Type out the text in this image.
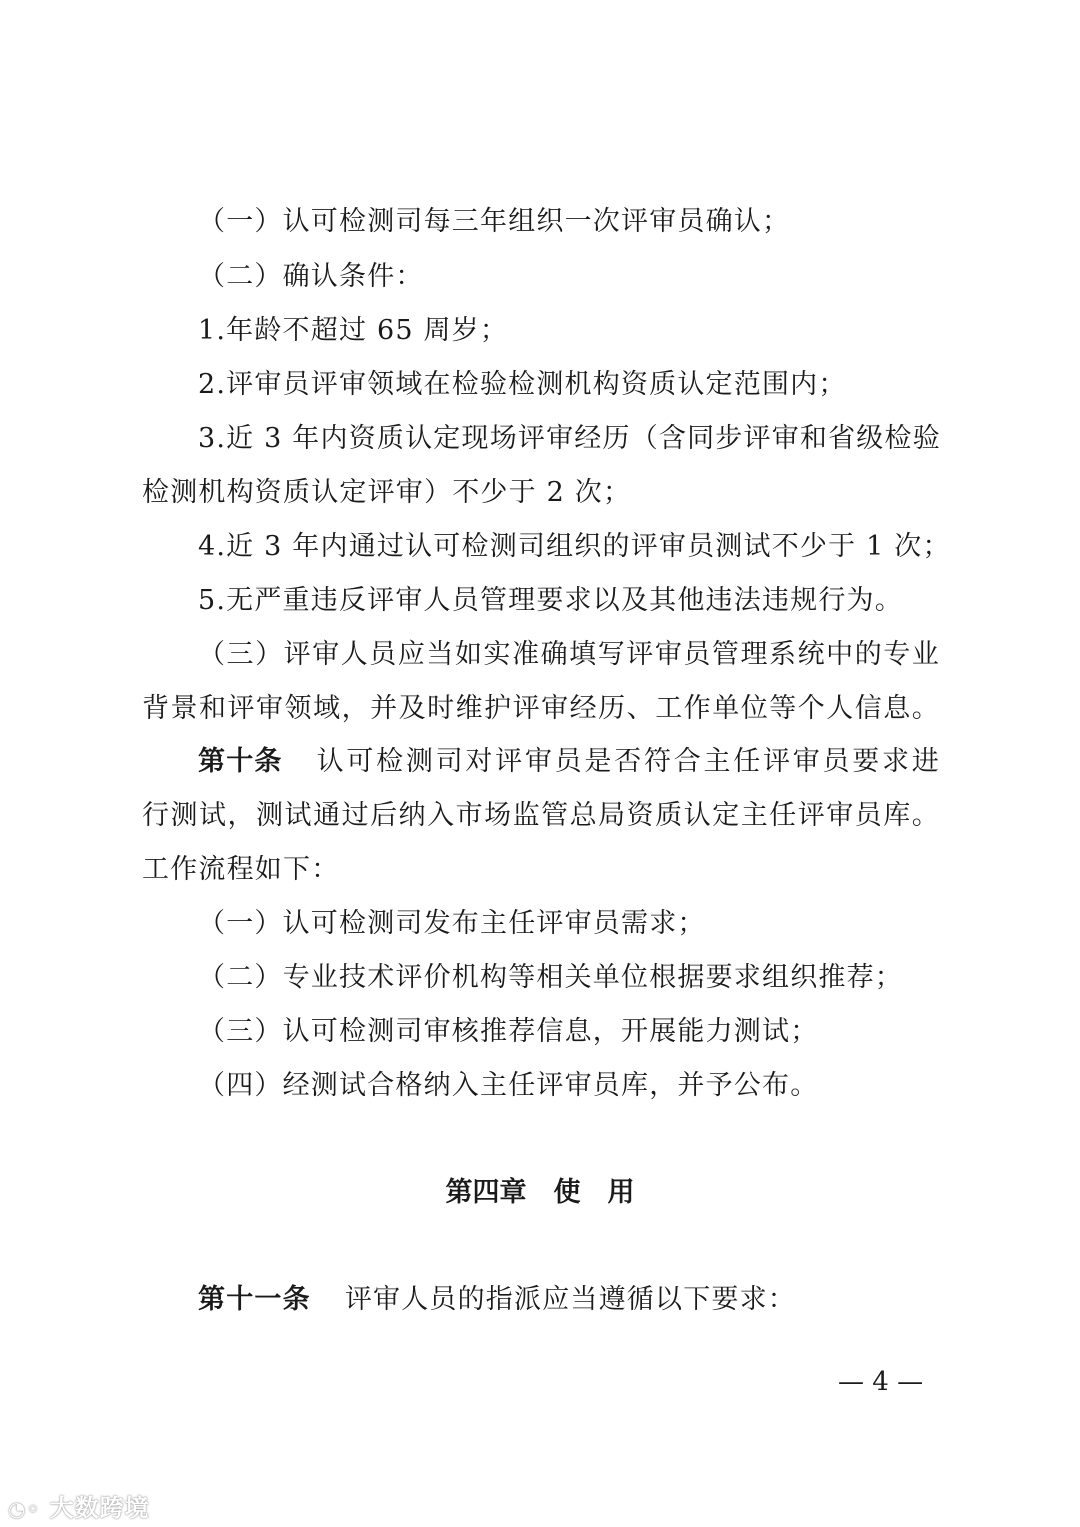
（一）认可检测司每三年组织一次评审员确认；
（二）确认条件：
1.年龄不超过 65 周岁；
2.评审员评审领域在检验检测机构资质认定范围内；
3.近 3 年内资质认定现场评审经历（含同步评审和省级检验
检测机构资质认定评审）不少于 2 次；
4.近 3 年内通过认可检测司组织的评审员测试不少于 1 次；
5.无严重违反评审人员管理要求以及其他违法违规行为。
（三）评审人员应当如实准确填写评审员管理系统中的专业
背景和评审领域，并及时维护评审经历、工作单位等个人信息。
第十条 认可检测司对评审员是否符合主任评审员要求进
行测试，测试通过后纳入市场监管总局资质认定主任评审员库。
工作流程如下：
（一）认可检测司发布主任评审员需求；
（二）专业技术评价机构等相关单位根据要求组织推荐；
（三）认可检测司审核推荐信息，开展能力测试；
（四）经测试合格纳入主任评审员库，并予公布。
第四章　使　用
第十一条 评审人员的指派应当遵循以下要求：
— 4 —
◔◦ 大数跨境
